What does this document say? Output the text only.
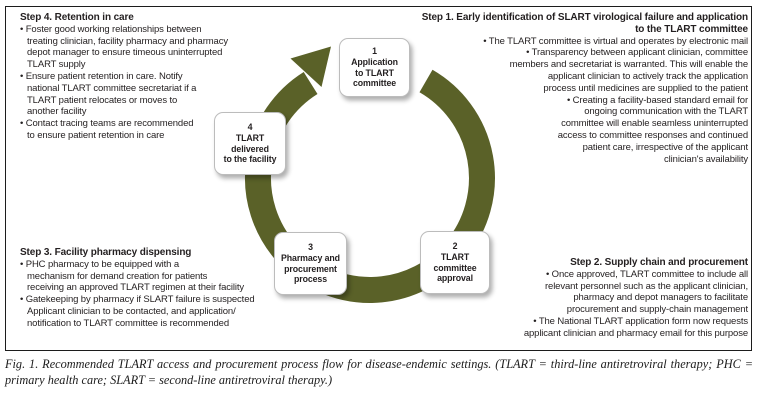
1
Application
to TLART
committee
2
TLART
committee
approval
3
Pharmacy and
procurement
process
4
TLART
delivered
to the facility
Step 1. Early identification of SLART virological failure and application
to the TLART committee
• The TLART committee is virtual and operates by electronic mail
• Transparency between applicant clinician, committee
members and secretariat is warranted. This will enable the
applicant clinician to actively track the application
process until medicines are supplied to the patient
• Creating a facility-based standard email for
ongoing communication with the TLART
committee will enable seamless uninterrupted
access to committee responses and continued
patient care, irrespective of the applicant
clinician's availability
Step 2. Supply chain and procurement
• Once approved, TLART committee to include all
relevant personnel such as the applicant clinician,
pharmacy and depot managers to facilitate
procurement and supply-chain management
• The National TLART application form now requests
applicant clinician and pharmacy email for this purpose
Step 3. Facility pharmacy dispensing
• PHC pharmacy to be equipped with a
mechanism for demand creation for patients
receiving an approved TLART regimen at their facility
• Gatekeeping by pharmacy if SLART failure is suspected
Applicant clinician to be contacted, and application/
notification to TLART committee is recommended
Step 4. Retention in care
• Foster good working relationships between
treating clinician, facility pharmacy and pharmacy
depot manager to ensure timeous uninterrupted
TLART supply
• Ensure patient retention in care. Notify
national TLART committee secretariat if a
TLART patient relocates or moves to
another facility
• Contact tracing teams are recommended
to ensure patient retention in care
Fig. 1. Recommended TLART access and procurement process flow for disease-endemic settings. (TLART = third-line antiretroviral therapy; PHC = primary health care; SLART = second-line antiretroviral therapy.)
